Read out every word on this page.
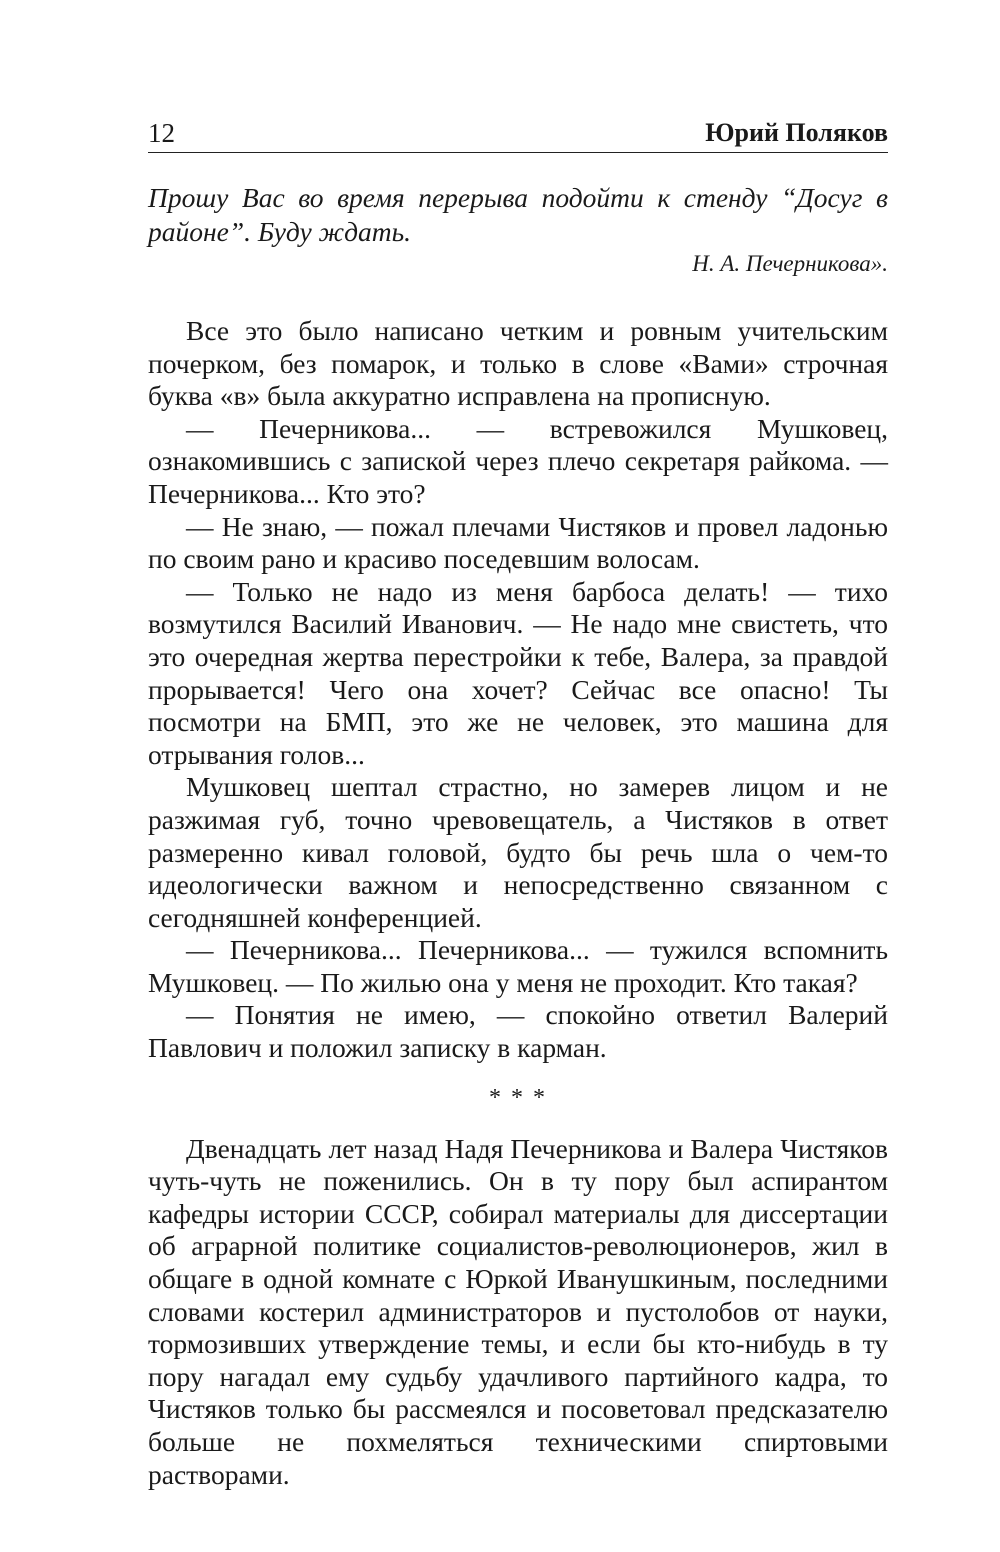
12	Юрий Поляков
Прошу Вас во время перерыва подойти к стенду “Досуг в районе”. Буду ждать.
Н. А. Печерникова».

Все это было написано четким и ровным учительским почерком, без помарок, и только в слове «Вами» строчная буква «в» была аккуратно исправлена на прописную.

— Печерникова... — встревожился Мушковец, ознакомившись с запиской через плечо секретаря райкома. — Печерникова... Кто это?

— Не знаю, — пожал плечами Чистяков и провел ладонью по своим рано и красиво поседевшим волосам.

— Только не надо из меня барбоса делать! — тихо возмутился Василий Иванович. — Не надо мне свистеть, что это очередная жертва перестройки к тебе, Валера, за правдой прорывается! Чего она хочет? Сейчас все опасно! Ты посмотри на БМП, это же не человек, это машина для отрывания голов...

Мушковец шептал страстно, но замерев лицом и не разжимая губ, точно чревовещатель, а Чистяков в ответ размеренно кивал головой, будто бы речь шла о чем-то идеологически важном и непосредственно связанном с сегодняшней конференцией.

— Печерникова... Печерникова... — тужился вспомнить Мушковец. — По жилью она у меня не проходит. Кто такая?

— Понятия не имею, — спокойно ответил Валерий Павлович и положил записку в карман.

* * *

Двенадцать лет назад Надя Печерникова и Валера Чистяков чуть-чуть не поженились. Он в ту пору был аспирантом кафедры истории СССР, собирал материалы для диссертации об аграрной политике социалистов-революционеров, жил в общаге в одной комнате с Юркой Иванушкиным, последними словами костерил администраторов и пустолобов от науки, тормозивших утверждение темы, и если бы кто-нибудь в ту пору нагадал ему судьбу удачливого партийного кадра, то Чистяков только бы рассмеялся и посоветовал предсказателю больше не похмеляться техническими спиртовыми растворами.
